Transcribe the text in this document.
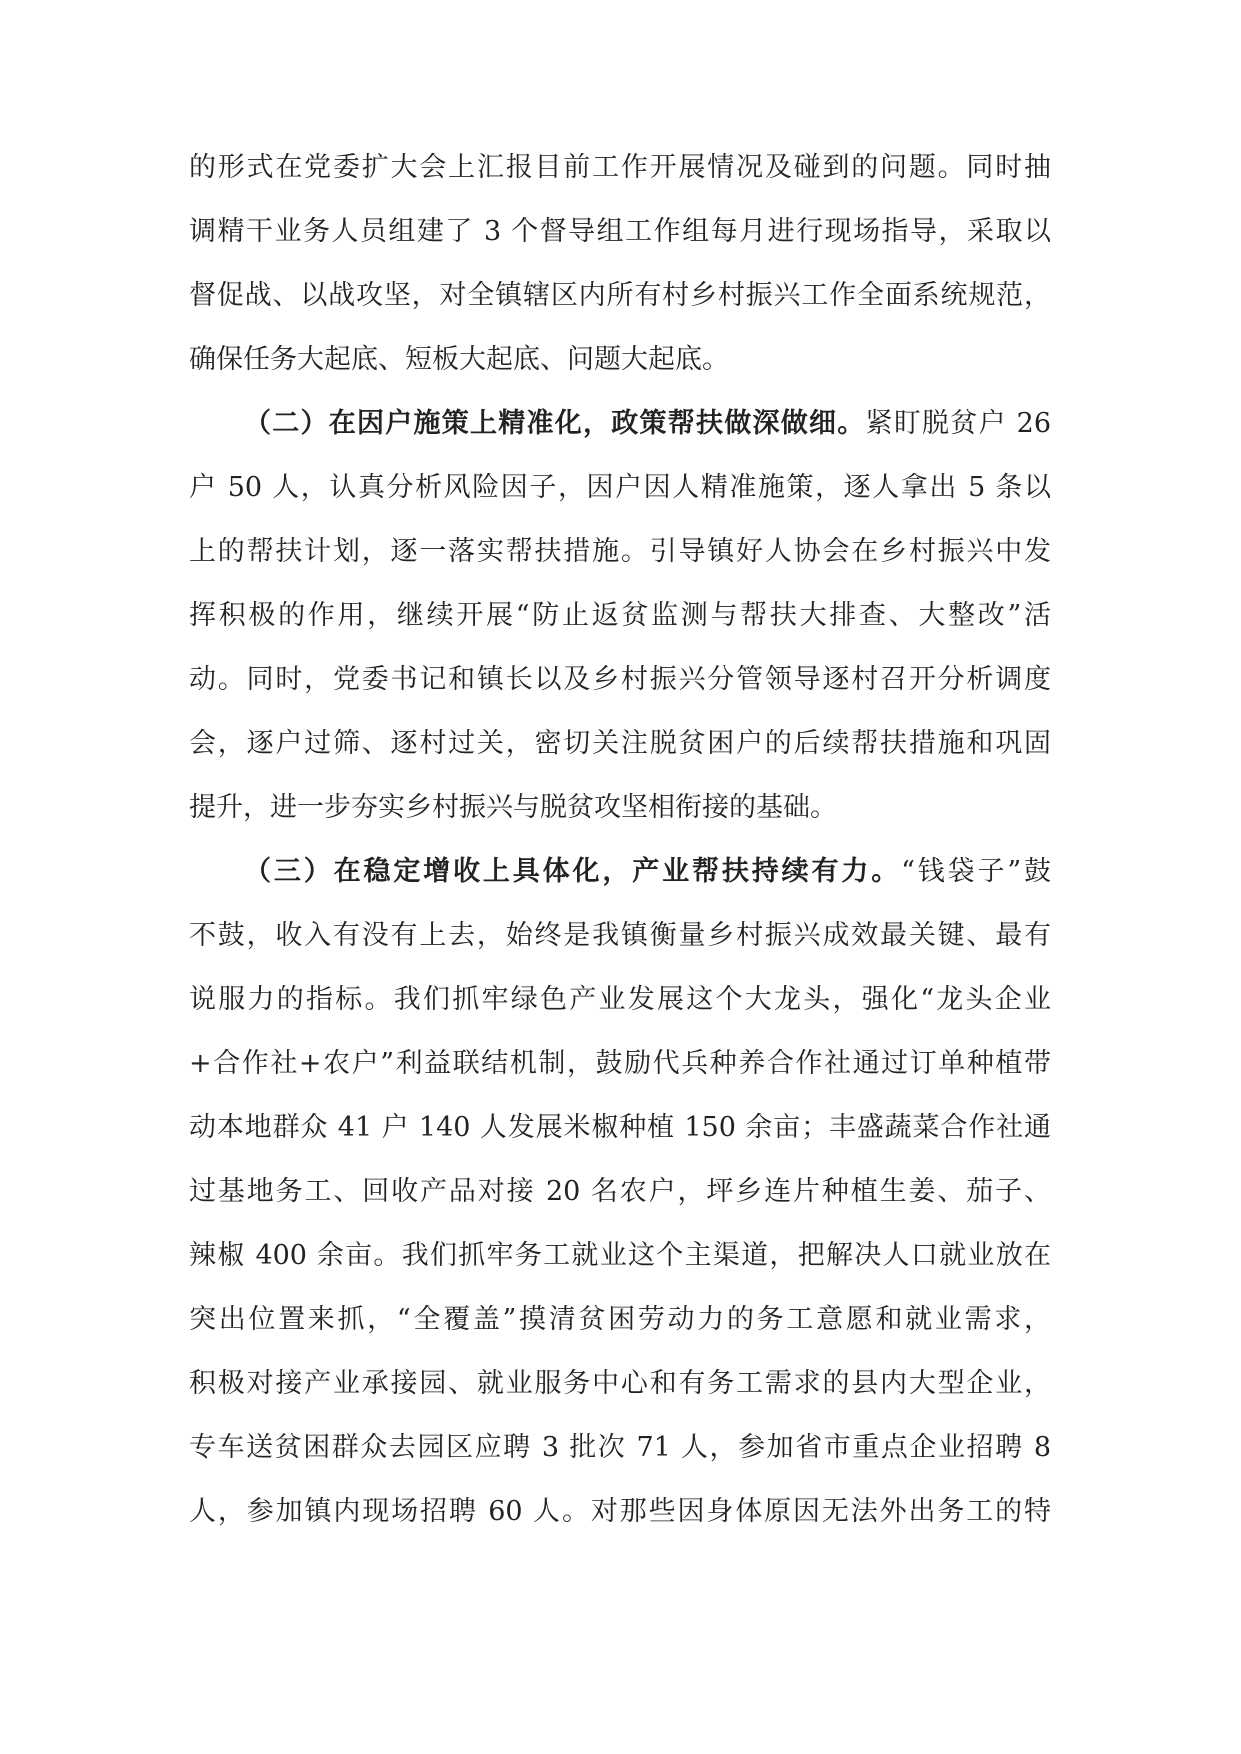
的形式在党委扩大会上汇报目前工作开展情况及碰到的问题。同时抽

调精干业务人员组建了 3 个督导组工作组每月进行现场指导，采取以

督促战、以战攻坚，对全镇辖区内所有村乡村振兴工作全面系统规范，

确保任务大起底、短板大起底、问题大起底。

（二）在因户施策上精准化，政策帮扶做深做细。紧盯脱贫户 26

户 50 人，认真分析风险因子，因户因人精准施策，逐人拿出 5 条以

上的帮扶计划，逐一落实帮扶措施。引导镇好人协会在乡村振兴中发

挥积极的作用，继续开展“防止返贫监测与帮扶大排查、大整改”活

动。同时，党委书记和镇长以及乡村振兴分管领导逐村召开分析调度

会，逐户过筛、逐村过关，密切关注脱贫困户的后续帮扶措施和巩固

提升，进一步夯实乡村振兴与脱贫攻坚相衔接的基础。

（三）在稳定增收上具体化，产业帮扶持续有力。“钱袋子”鼓

不鼓，收入有没有上去，始终是我镇衡量乡村振兴成效最关键、最有

说服力的指标。我们抓牢绿色产业发展这个大龙头，强化“龙头企业

+合作社+农户”利益联结机制，鼓励代兵种养合作社通过订单种植带

动本地群众 41 户 140 人发展米椒种植 150 余亩；丰盛蔬菜合作社通

过基地务工、回收产品对接 20 名农户，坪乡连片种植生姜、茄子、

辣椒 400 余亩。我们抓牢务工就业这个主渠道，把解决人口就业放在

突出位置来抓，“全覆盖”摸清贫困劳动力的务工意愿和就业需求，

积极对接产业承接园、就业服务中心和有务工需求的县内大型企业，

专车送贫困群众去园区应聘 3 批次 71 人，参加省市重点企业招聘 8

人，参加镇内现场招聘 60 人。对那些因身体原因无法外出务工的特
